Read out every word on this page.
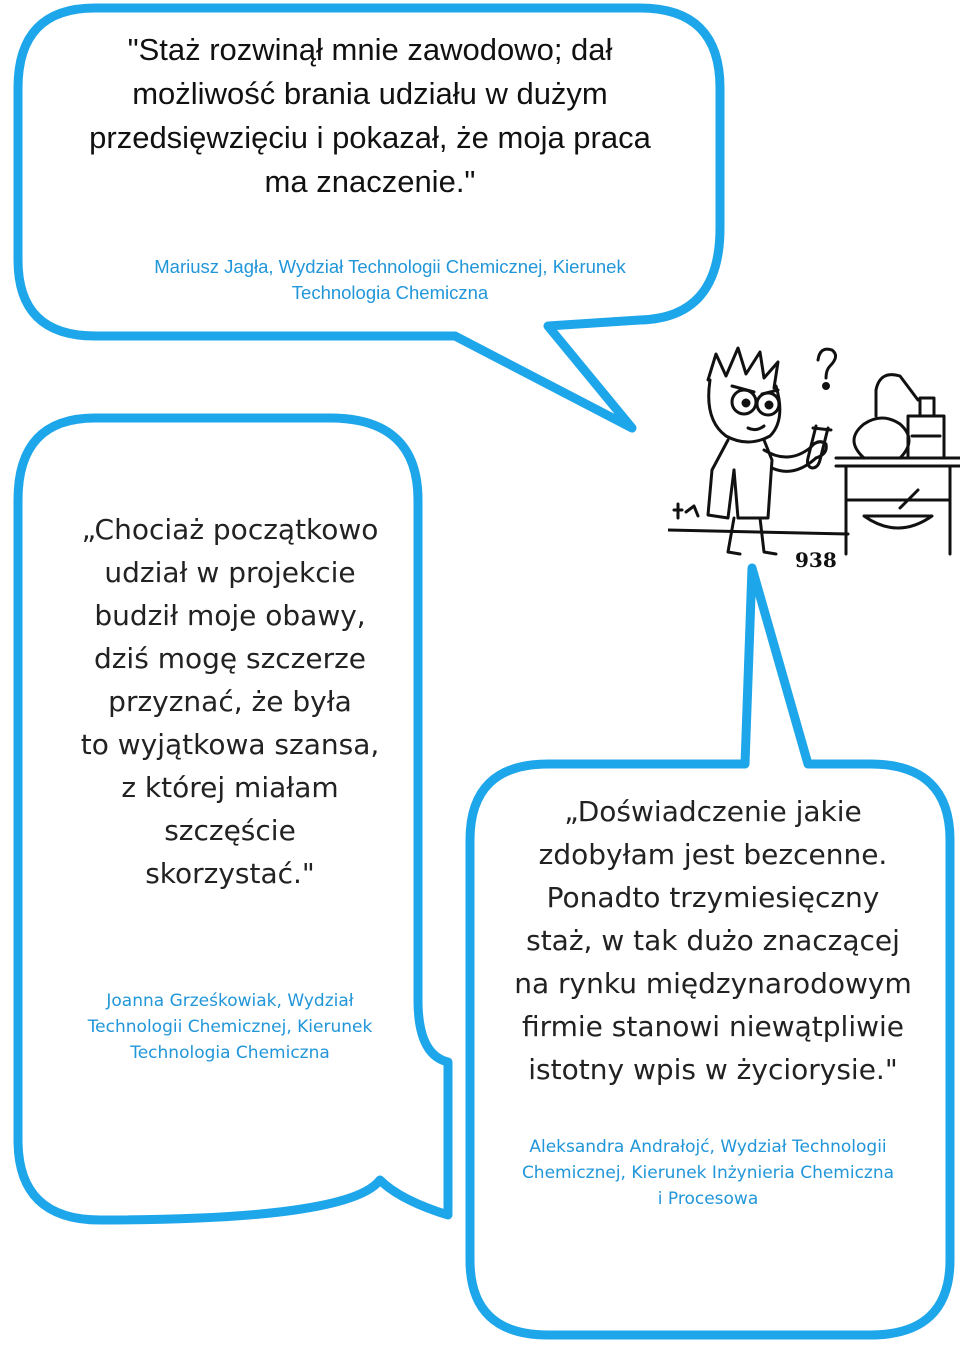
"Staż rozwinął mnie zawodowo; dał
możliwość brania udziału w dużym
przedsięwzięciu i pokazał, że moja praca
ma znaczenie."
Mariusz Jagła, Wydział Technologii Chemicznej, Kierunek
Technologia Chemiczna
„Chociaż początkowo
udział w projekcie
budził moje obawy,
dziś mogę szczerze
przyznać, że była
to wyjątkowa szansa,
z której miałam
szczęście
skorzystać."
Joanna Grześkowiak, Wydział
Technologii Chemicznej, Kierunek
Technologia Chemiczna
„Doświadczenie jakie
zdobyłam jest bezcenne.
Ponadto trzymiesięczny
staż, w tak dużo znaczącej
na rynku międzynarodowym
firmie stanowi niewątpliwie
istotny wpis w życiorysie."
Aleksandra Andrałojć, Wydział Technologii
Chemicznej, Kierunek Inżynieria Chemiczna
i Procesowa
938
